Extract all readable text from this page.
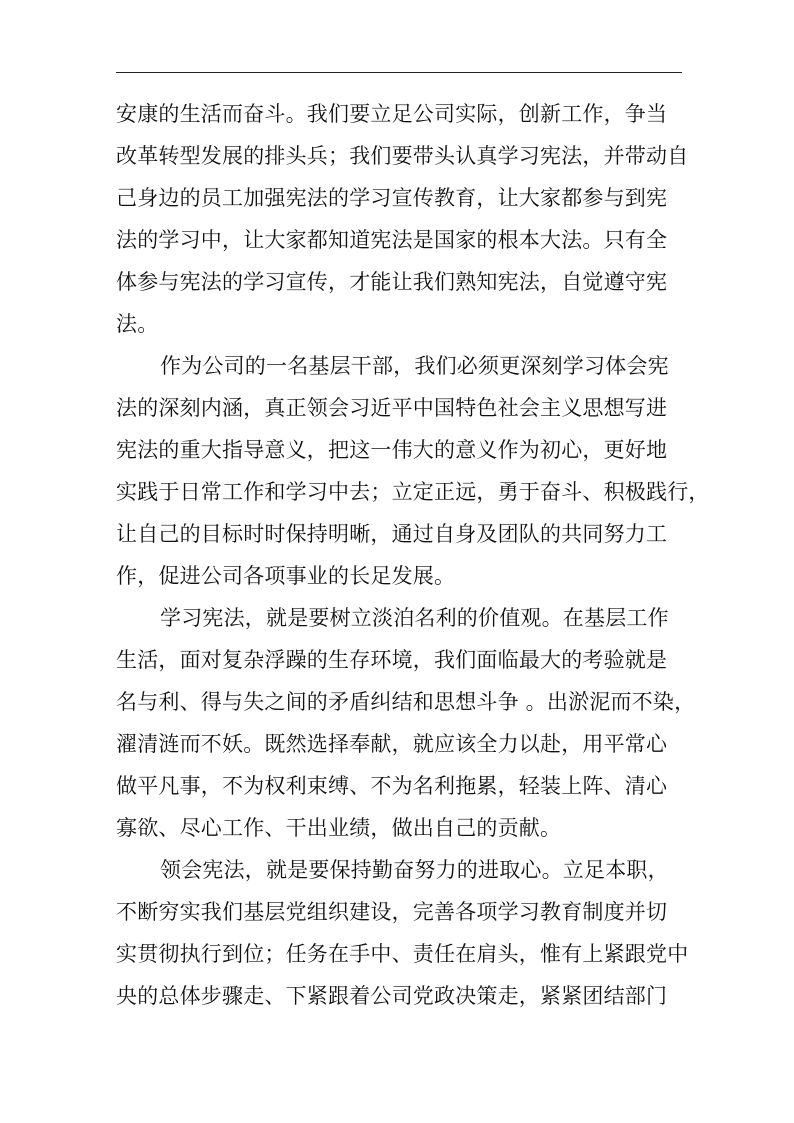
安康的生活而奋斗。我们要立足公司实际，创新工作，争当
改革转型发展的排头兵；我们要带头认真学习宪法，并带动自
己身边的员工加强宪法的学习宣传教育，让大家都参与到宪
法的学习中，让大家都知道宪法是国家的根本大法。只有全
体参与宪法的学习宣传，才能让我们熟知宪法，自觉遵守宪
法。
作为公司的一名基层干部，我们必须更深刻学习体会宪
法的深刻内涵，真正领会习近平中国特色社会主义思想写进
宪法的重大指导意义，把这一伟大的意义作为初心，更好地
实践于日常工作和学习中去；立定正远，勇于奋斗、积极践行，
让自己的目标时时保持明晰，通过自身及团队的共同努力工
作，促进公司各项事业的长足发展。
学习宪法，就是要树立淡泊名利的价值观。在基层工作
生活，面对复杂浮躁的生存环境，我们面临最大的考验就是
名与利、得与失之间的矛盾纠结和思想斗争 。出淤泥而不染，
濯清涟而不妖。既然选择奉献，就应该全力以赴，用平常心
做平凡事，不为权利束缚、不为名利拖累，轻装上阵、清心
寡欲、尽心工作、干出业绩，做出自己的贡献。
领会宪法，就是要保持勤奋努力的进取心。立足本职，
不断穷实我们基层党组织建设，完善各项学习教育制度并切
实贯彻执行到位；任务在手中、责任在肩头，惟有上紧跟党中
央的总体步骤走、下紧跟着公司党政决策走，紧紧团结部门
